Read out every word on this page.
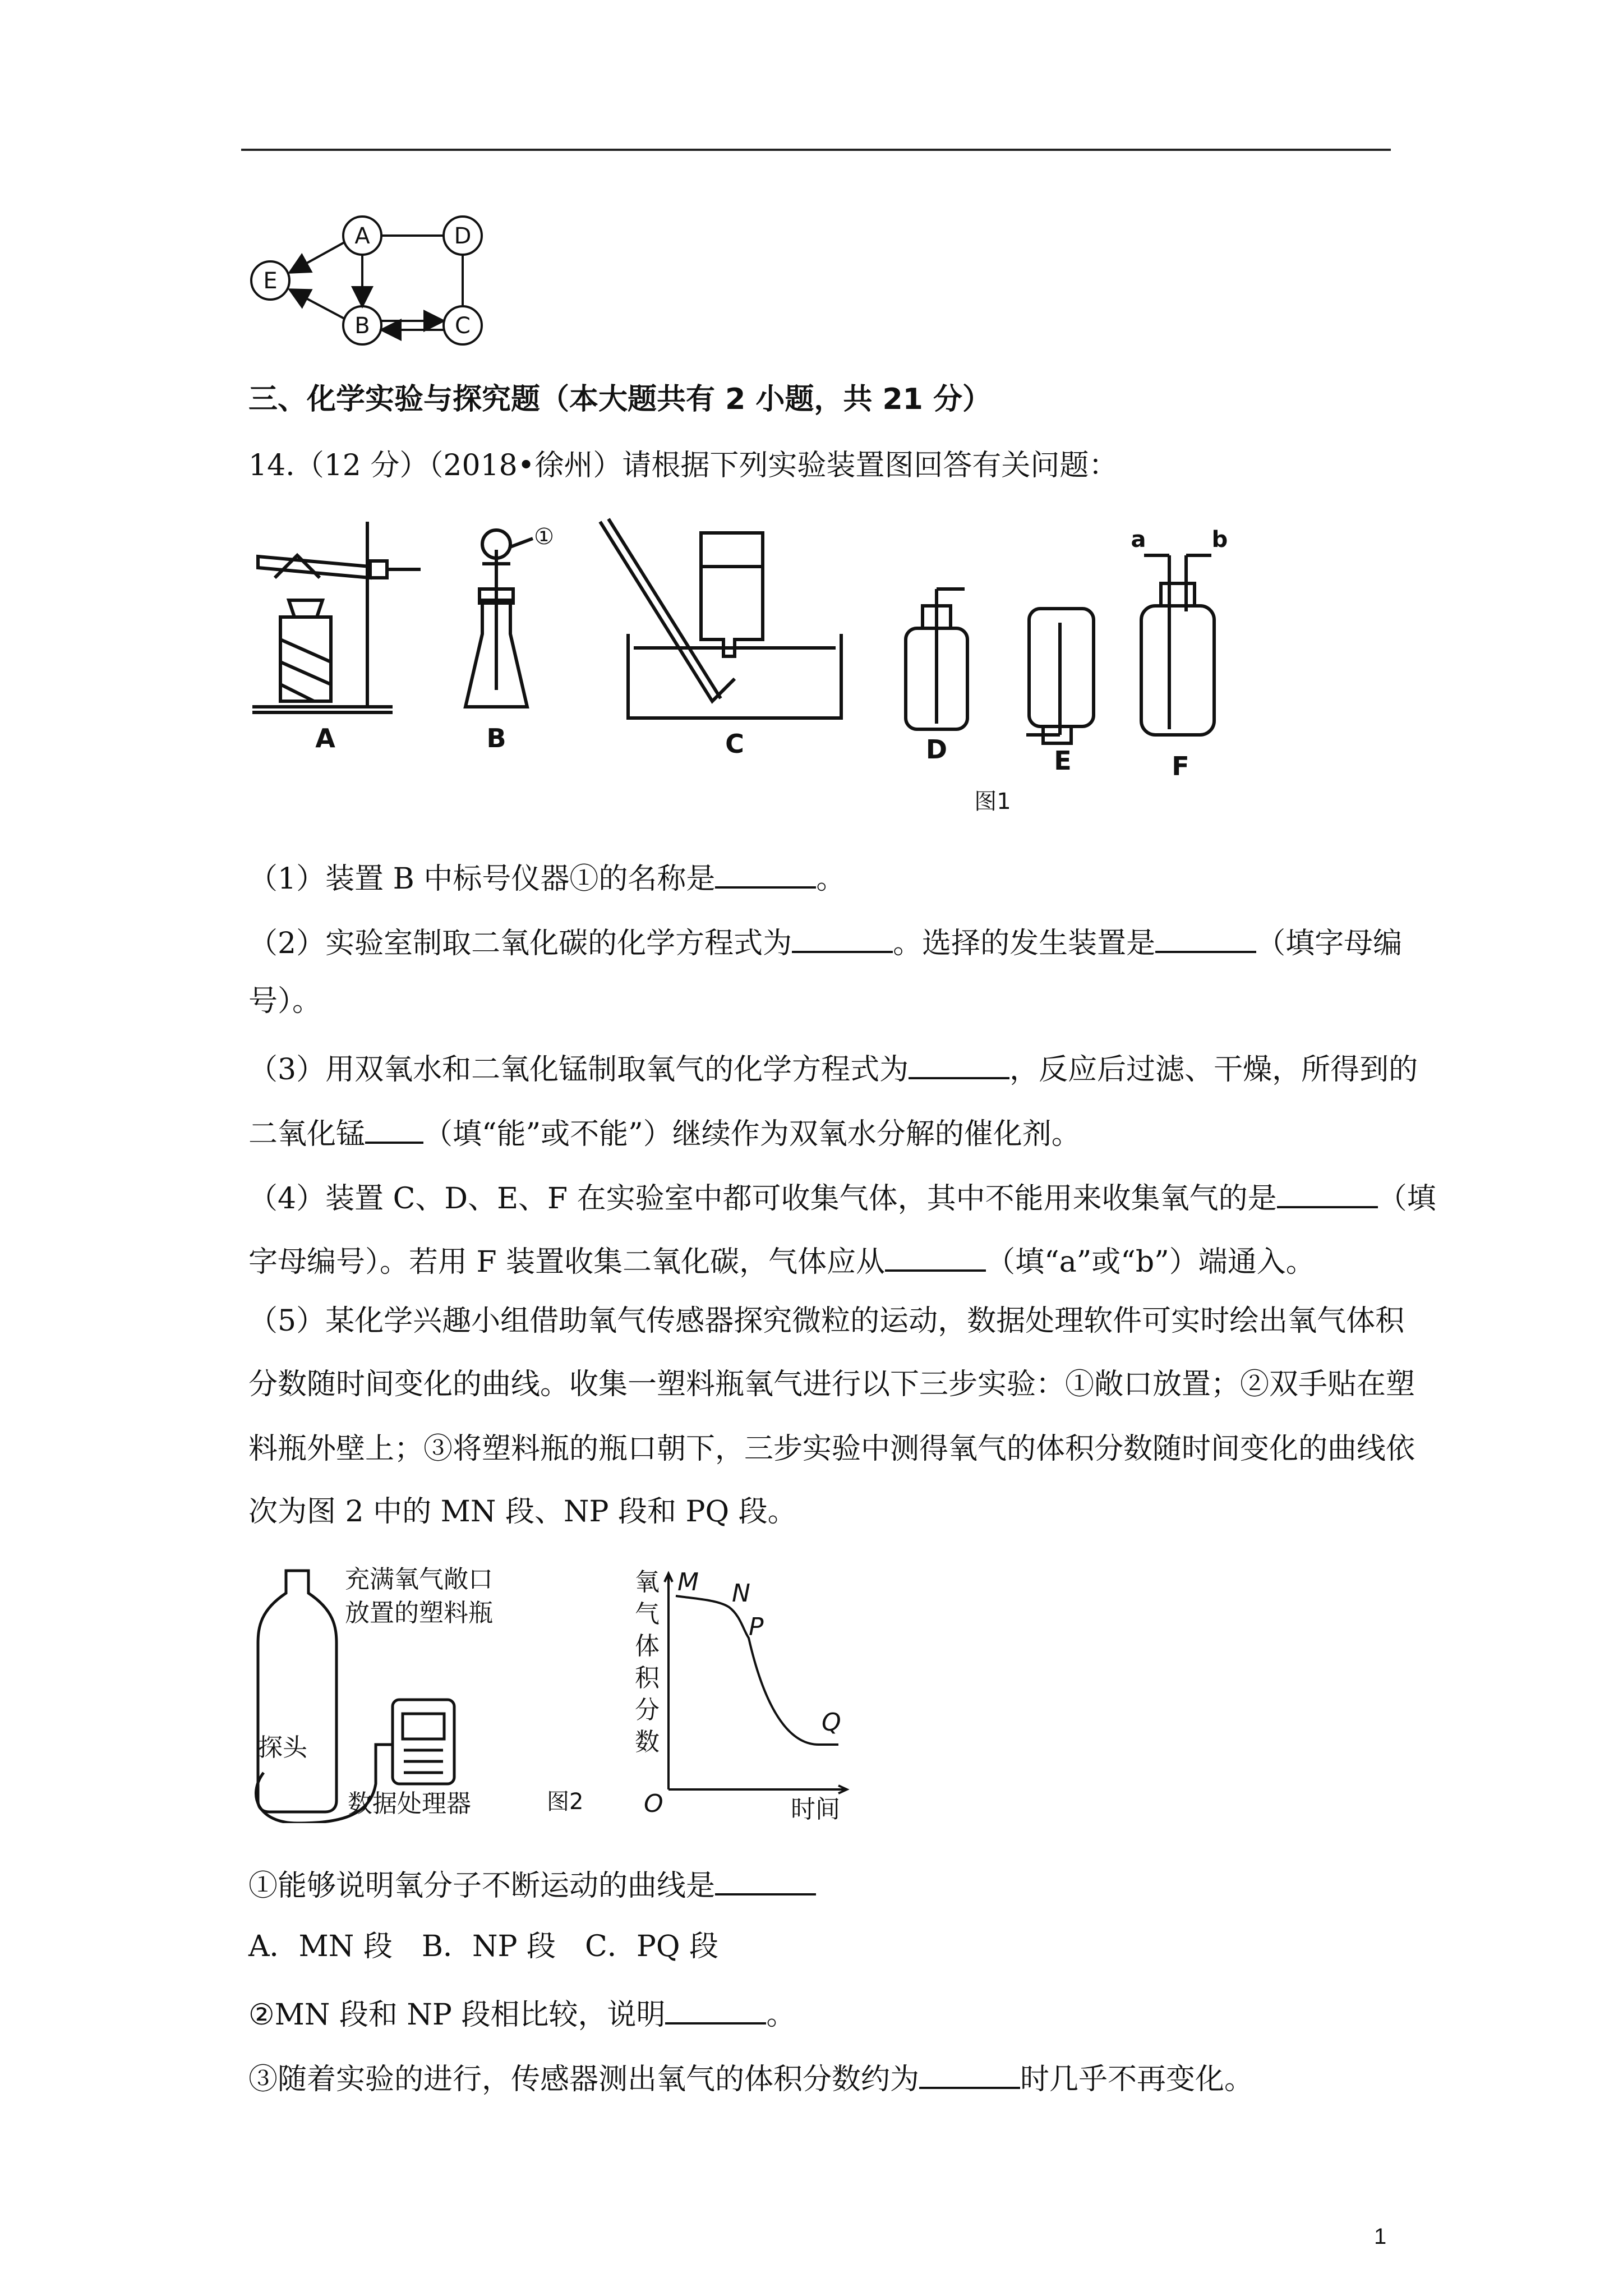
A
B	C
D
E
三、化学实验与探究题（本大题共有 2 小题，共 21 分）
14.（12 分）（2018•徐州）请根据下列实验装置图回答有关问题：
A	B	C	D	E	F
①	a	b
图1
（1）装置 B 中标号仪器①的名称是	。
（2）实验室制取二氧化碳的化学方程式为	。选择的发生装置是	（填字母编
号）。
（3）用双氧水和二氧化锰制取氧气的化学方程式为	，反应后过滤、干燥，所得到的
二氧化锰 （填“能”或不能”）继续作为双氧水分解的催化剂。
（4）装置 C、D、E、F 在实验室中都可收集气体，其中不能用来收集氧气的是	（填
字母编号）。若用 F 装置收集二氧化碳，气体应从	（填“a”或“b”）端通入。
（5）某化学兴趣小组借助氧气传感器探究微粒的运动，数据处理软件可实时绘出氧气体积
分数随时间变化的曲线。收集一塑料瓶氧气进行以下三步实验：①敞口放置；②双手贴在塑
料瓶外壁上；③将塑料瓶的瓶口朝下，三步实验中测得氧气的体积分数随时间变化的曲线依
次为图 2 中的 MN 段、NP 段和 PQ 段。
充满氧气敞口
放置的塑料瓶
探头
数据处理器	图2
氧
气
体
积
分
数
O	时间
M N
P
Q
①能够说明氧分子不断运动的曲线是
A．MN 段　B．NP 段　C．PQ 段
②MN 段和 NP 段相比较，说明	。
③随着实验的进行，传感器测出氧气的体积分数约为	时几乎不再变化。
1
